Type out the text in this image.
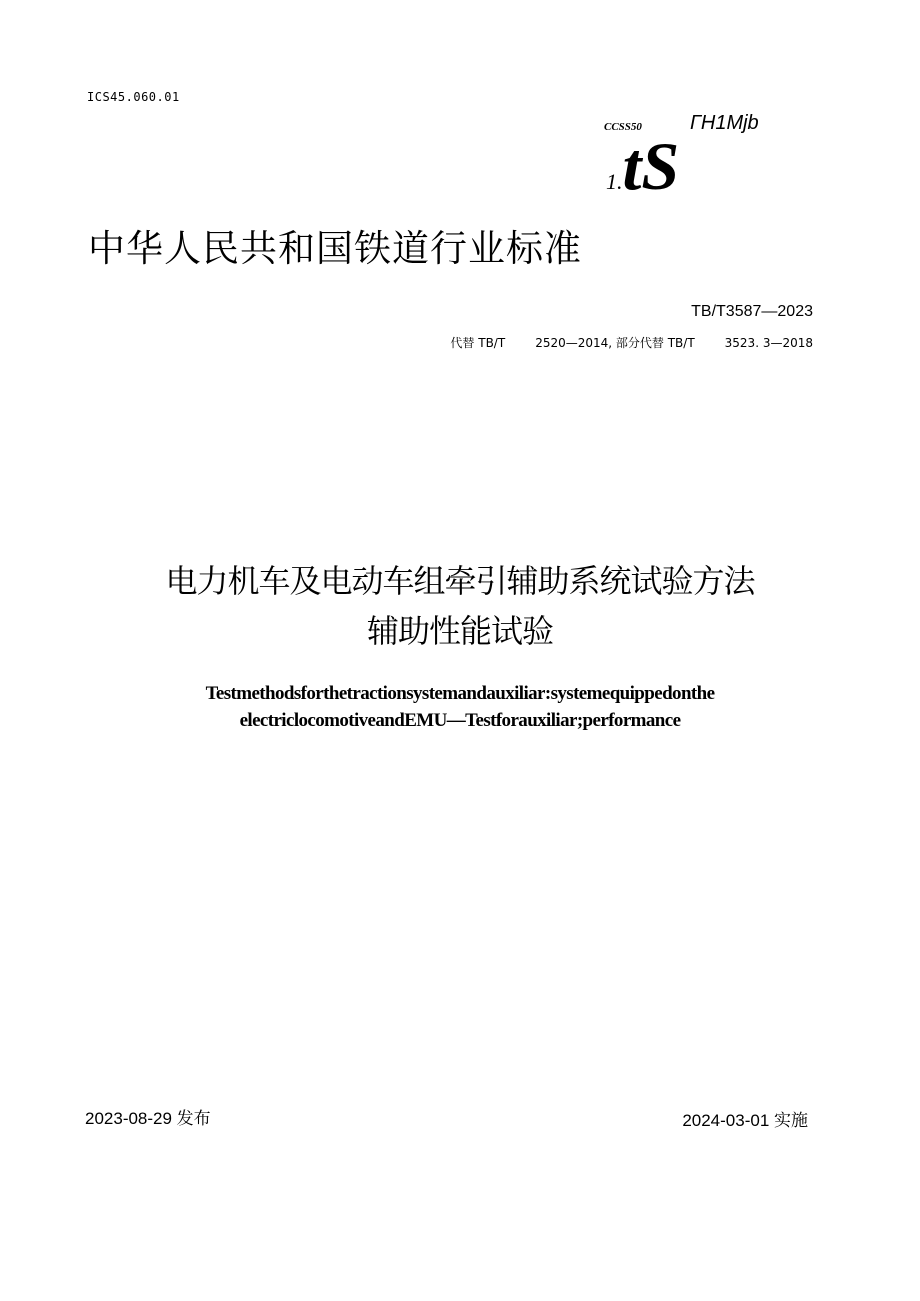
ICS45.060.01
CCSS50 ГН1Mjb
1.tS
中华人民共和国铁道行业标准
TB/T3587—2023
代替 TB/T	2520—2014, 部分代替 TB/T	3523. 3—2018
电力机车及电动车组牵引辅助系统试验方法
辅助性能试验
Testmethodsforthetractionsystemandauxiliar:systemequippedonthe
electriclocomotiveandEMU—Testforauxiliar;performance
2023-08-29 发布	2024-03-01 实施
